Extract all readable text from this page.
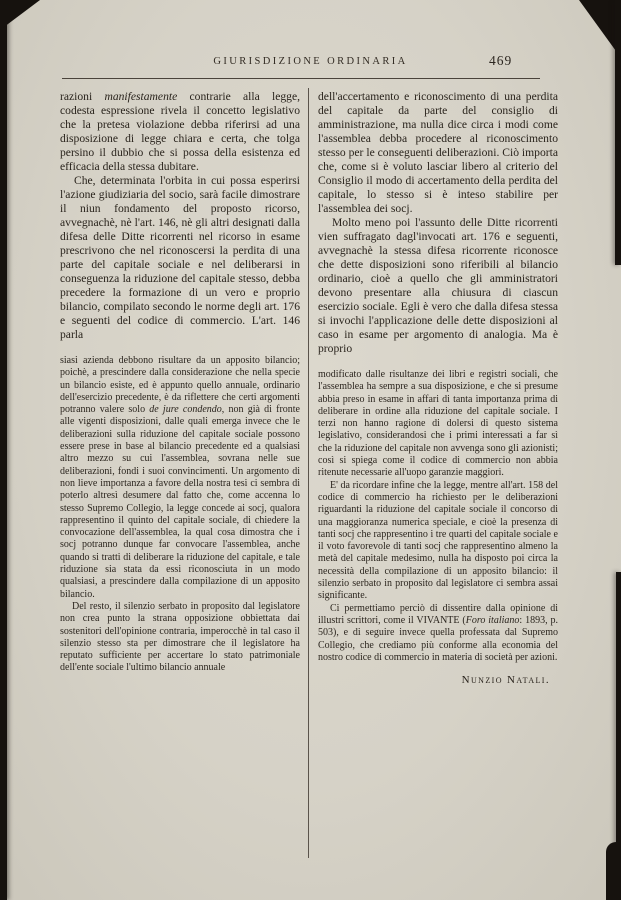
GIURISDIZIONE ORDINARIA	469

razioni manifestamente contrarie alla legge, codesta espressione rivela il concetto legislativo che la pretesa violazione debba riferirsi ad una disposizione di legge chiara e certa, che tolga persino il dubbio che si possa della esistenza ed efficacia della stessa dubitare.

Che, determinata l'orbita in cui possa esperirsi l'azione giudiziaria del socio, sarà facile dimostrare il niun fondamento del proposto ricorso, avvegnachè, nè l'art. 146, nè gli altri designati dalla difesa delle Ditte ricorrenti nel ricorso in esame prescrivono che nel riconoscersi la perdita di una parte del capitale sociale e nel deliberarsi in conseguenza la riduzione del capitale stesso, debba precedere la formazione di un vero e proprio bilancio, compilato secondo le norme degli art. 176 e seguenti del codice di commercio. L'art. 146 parla

siasi azienda debbono risultare da un apposito bilancio; poichè, a prescindere dalla considerazione che nella specie un bilancio esiste, ed è appunto quello annuale, ordinario dell'esercizio precedente, è da riflettere che certi argomenti potranno valere solo de jure condendo, non già di fronte alle vigenti disposizioni, dalle quali emerga invece che le deliberazioni sulla riduzione del capitale sociale possono essere prese in base al bilancio precedente ed a qualsiasi altro mezzo su cui l'assemblea, sovrana nelle sue deliberazioni, fondi i suoi convincimenti. Un argomento di non lieve importanza a favore della nostra tesi ci sembra di poterlo altresì desumere dal fatto che, come accenna lo stesso Supremo Collegio, la legge concede ai socj, qualora rappresentino il quinto del capitale sociale, di chiedere la convocazione dell'assemblea, la qual cosa dimostra che i socj potranno dunque far convocare l'assemblea, anche quando si tratti di deliberare la riduzione del capitale, e tale riduzione sia stata da essi riconosciuta in un modo qualsiasi, a prescindere dalla compilazione di un apposito bilancio.

Del resto, il silenzio serbato in proposito dal legislatore non crea punto la strana opposizione obbiettata dai sostenitori dell'opinione contraria, imperocchè in tal caso il silenzio stesso sta per dimostrare che il legislatore ha reputato sufficiente per accertare lo stato patrimoniale dell'ente sociale l'ultimo bilancio annuale

dell'accertamento e riconoscimento di una perdita del capitale da parte del consiglio di amministrazione, ma nulla dice circa i modi come l'assemblea debba procedere al riconoscimento stesso per le conseguenti deliberazioni. Ciò importa che, come si è voluto lasciar libero al criterio del Consiglio il modo di accertamento della perdita del capitale, lo stesso si è inteso stabilire per l'assemblea dei socj.

Molto meno poi l'assunto delle Ditte ricorrenti vien suffragato dagl'invocati art. 176 e seguenti, avvegnachè la stessa difesa ricorrente riconosce che dette disposizioni sono riferibili al bilancio ordinario, cioè a quello che gli amministratori devono presentare alla chiusura di ciascun esercizio sociale. Egli è vero che dalla difesa stessa si invochi l'applicazione delle dette disposizioni al caso in esame per argomento di analogia. Ma è proprio

modificato dalle risultanze dei libri e registri sociali, che l'assemblea ha sempre a sua disposizione, e che si presume abbia preso in esame in affari di tanta importanza prima di deliberare in ordine alla riduzione del capitale sociale. I terzi non hanno ragione di dolersi di questo sistema legislativo, considerandosi che i primi interessati a far sì che la riduzione del capitale non avvenga sono gli azionisti; così si spiega come il codice di commercio non abbia ritenute necessarie all'uopo garanzie maggiori.

E' da ricordare infine che la legge, mentre all'art. 158 del codice di commercio ha richiesto per le deliberazioni riguardanti la riduzione del capitale sociale il concorso di una maggioranza numerica speciale, e cioè la presenza di tanti socj che rappresentino i tre quarti del capitale sociale e il voto favorevole di tanti socj che rappresentino almeno la metà del capitale medesimo, nulla ha disposto poi circa la necessità della compilazione di un apposito bilancio: il silenzio serbato in proposito dal legislatore ci sembra assai significante.

Ci permettiamo perciò di dissentire dalla opinione di illustri scrittori, come il VIVANTE (Foro italiano: 1893, p. 503), e di seguire invece quella professata dal Supremo Collegio, che crediamo più conforme alla economia del nostro codice di commercio in materia di società per azioni.

Nunzio Natali.
